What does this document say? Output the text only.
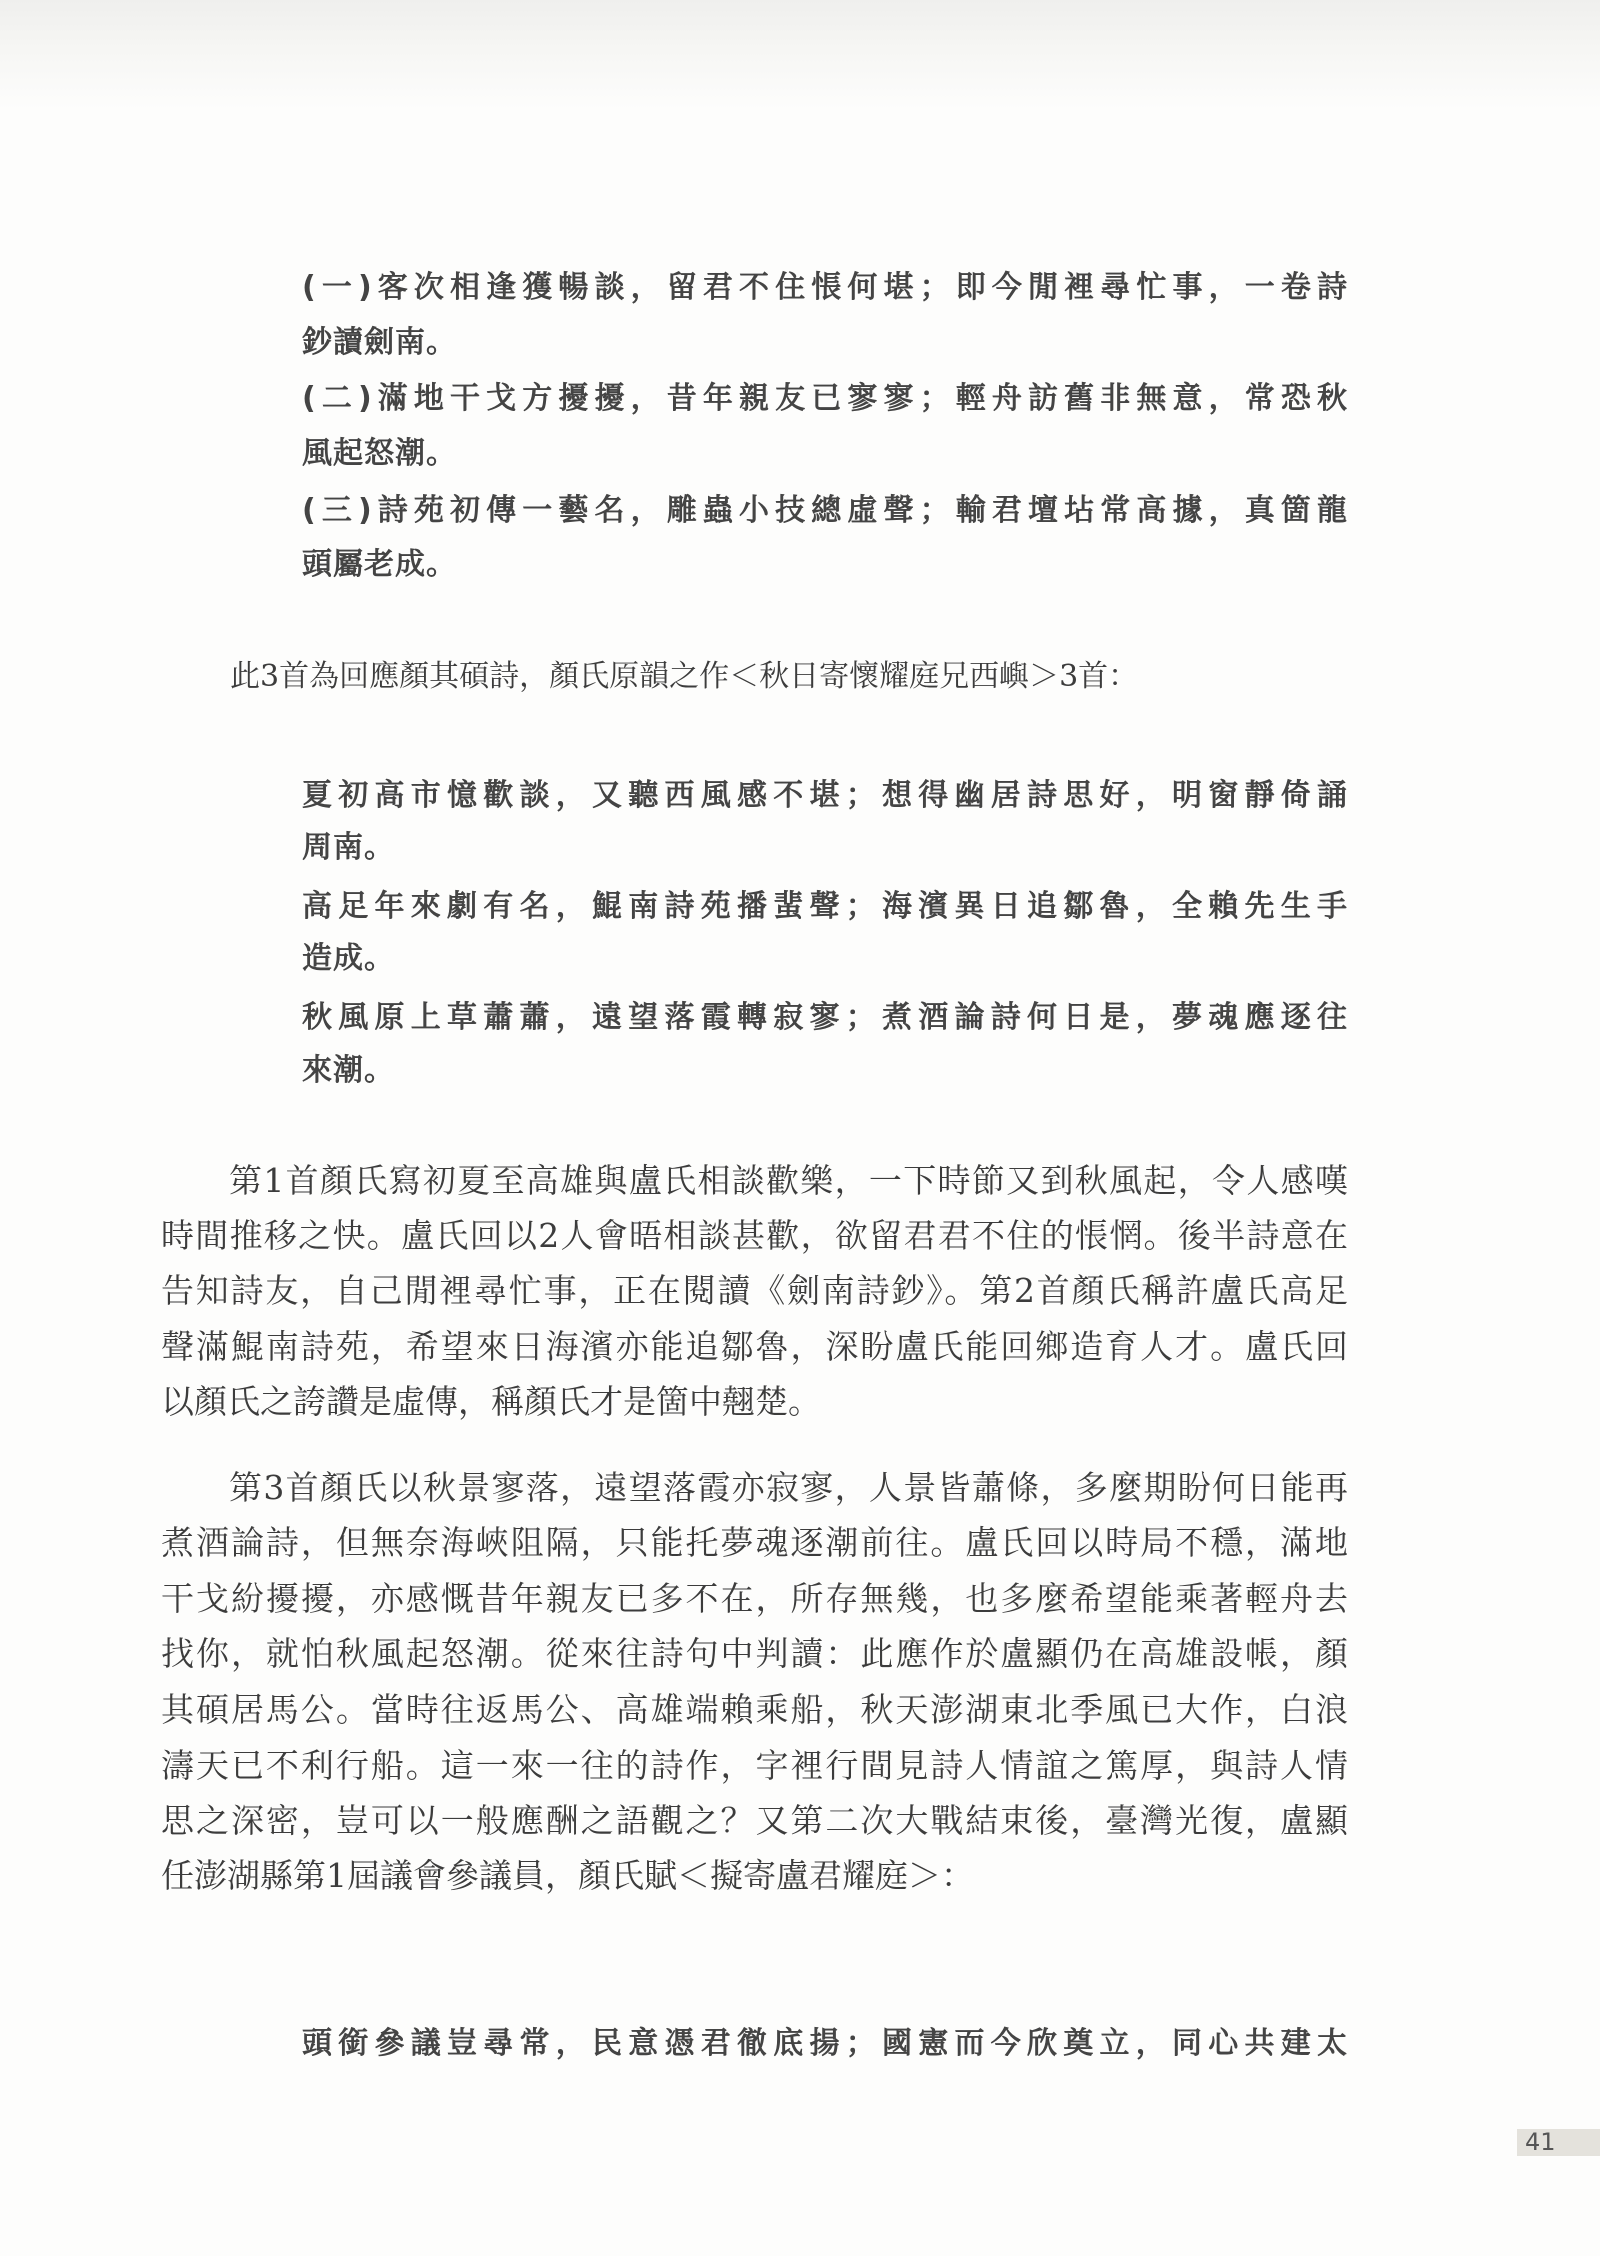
(一)客次相逢獲暢談，留君不住悵何堪；即今閒裡尋忙事，一卷詩
鈔讀劍南。
(二)滿地干戈方擾擾，昔年親友已寥寥；輕舟訪舊非無意，常恐秋
風起怒潮。
(三)詩苑初傳一藝名，雕蟲小技總虛聲；輸君壇坫常高據，真箇龍
頭屬老成。
此3首為回應顏其碩詩，顏氏原韻之作＜秋日寄懷耀庭兄西嶼＞3首：
夏初高市憶歡談，又聽西風感不堪；想得幽居詩思好，明窗靜倚誦
周南。
高足年來劇有名，鯤南詩苑播蜚聲；海濱異日追鄒魯，全賴先生手
造成。
秋風原上草蕭蕭，遠望落霞轉寂寥；煮酒論詩何日是，夢魂應逐往
來潮。
第1首顏氏寫初夏至高雄與盧氏相談歡樂，一下時節又到秋風起，令人感嘆
時間推移之快。盧氏回以2人會晤相談甚歡，欲留君君不住的悵惘。後半詩意在
告知詩友，自己閒裡尋忙事，正在閱讀《劍南詩鈔》。第2首顏氏稱許盧氏高足
聲滿鯤南詩苑，希望來日海濱亦能追鄒魯，深盼盧氏能回鄉造育人才。盧氏回
以顏氏之誇讚是虛傳，稱顏氏才是箇中翹楚。
第3首顏氏以秋景寥落，遠望落霞亦寂寥，人景皆蕭條，多麼期盼何日能再
煮酒論詩，但無奈海峽阻隔，只能托夢魂逐潮前往。盧氏回以時局不穩，滿地
干戈紛擾擾，亦感慨昔年親友已多不在，所存無幾，也多麼希望能乘著輕舟去
找你，就怕秋風起怒潮。從來往詩句中判讀：此應作於盧顯仍在高雄設帳，顏
其碩居馬公。當時往返馬公、高雄端賴乘船，秋天澎湖東北季風已大作，白浪
濤天已不利行船。這一來一往的詩作，字裡行間見詩人情誼之篤厚，與詩人情
思之深密，豈可以一般應酬之語觀之？又第二次大戰結束後，臺灣光復，盧顯
任澎湖縣第1屆議會參議員，顏氏賦＜擬寄盧君耀庭＞：
頭銜參議豈尋常，民意憑君徹底揚；國憲而今欣奠立，同心共建太
41
